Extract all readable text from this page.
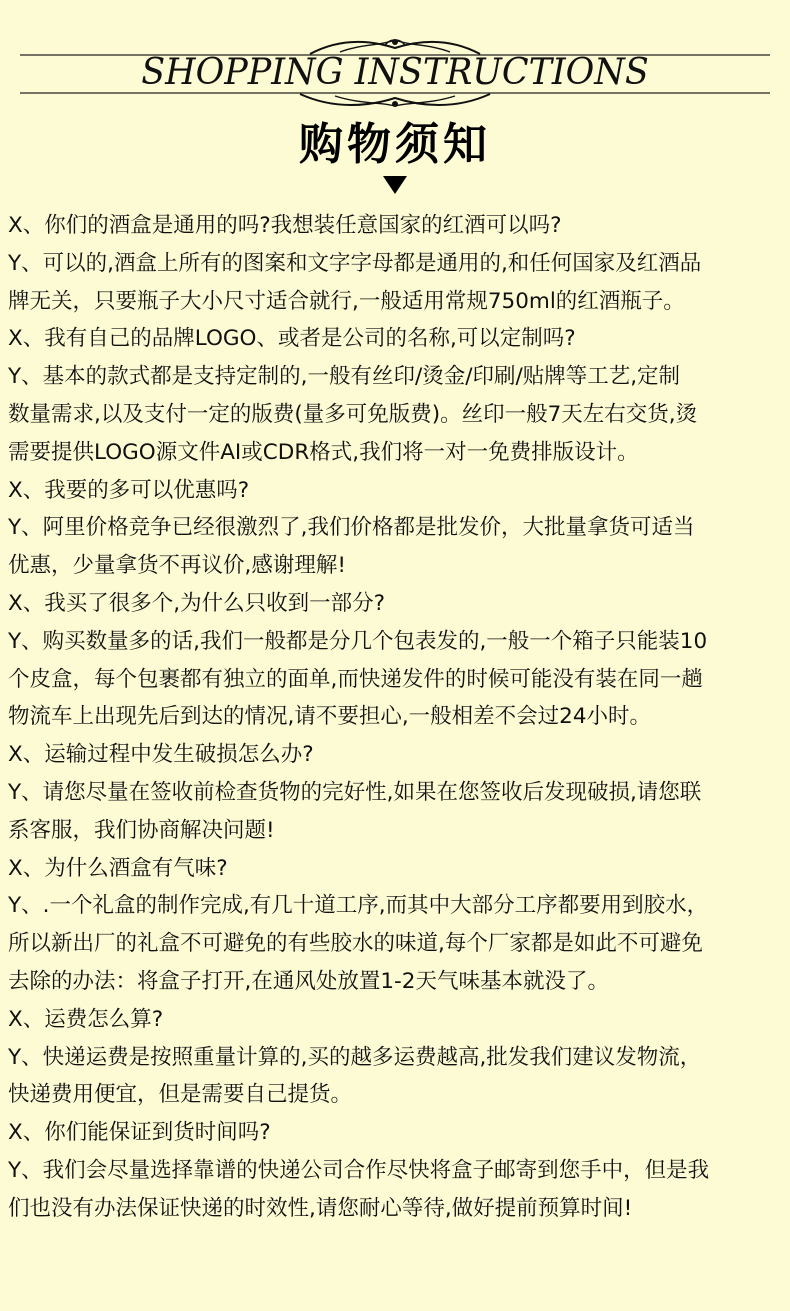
SHOPPING INSTRUCTIONS
购物须知
X、你们的酒盒是通用的吗?我想装任意国家的红酒可以吗?
Y、可以的,酒盒上所有的图案和文字字母都是通用的,和任何国家及红酒品
牌无关，只要瓶子大小尺寸适合就行,一般适用常规750ml的红酒瓶子。
X、我有自己的品牌LOGO、或者是公司的名称,可以定制吗?
Y、基本的款式都是支持定制的,一般有丝印/烫金/印刷/贴牌等工艺,定制
数量需求,以及支付一定的版费(量多可免版费)。丝印一般7天左右交货,烫
需要提供LOGO源文件AI或CDR格式,我们将一对一免费排版设计。
X、我要的多可以优惠吗?
Y、阿里价格竞争已经很激烈了,我们价格都是批发价，大批量拿货可适当
优惠，少量拿货不再议价,感谢理解!
X、我买了很多个,为什么只收到一部分?
Y、购买数量多的话,我们一般都是分几个包表发的,一般一个箱子只能装10
个皮盒，每个包裹都有独立的面单,而快递发件的时候可能没有装在同一趟
物流车上出现先后到达的情况,请不要担心,一般相差不会过24小时。
X、运输过程中发生破损怎么办?
Y、请您尽量在签收前检查货物的完好性,如果在您签收后发现破损,请您联
系客服，我们协商解决问题!
X、为什么酒盒有气味?
Y、.一个礼盒的制作完成,有几十道工序,而其中大部分工序都要用到胶水，
所以新出厂的礼盒不可避免的有些胶水的味道,每个厂家都是如此不可避免
去除的办法：将盒子打开,在通风处放置1-2天气味基本就没了。
X、运费怎么算?
Y、快递运费是按照重量计算的,买的越多运费越高,批发我们建议发物流，
快递费用便宜，但是需要自己提货。
X、你们能保证到货时间吗?
Y、我们会尽量选择靠谱的快递公司合作尽快将盒子邮寄到您手中，但是我
们也没有办法保证快递的时效性,请您耐心等待,做好提前预算时间!
